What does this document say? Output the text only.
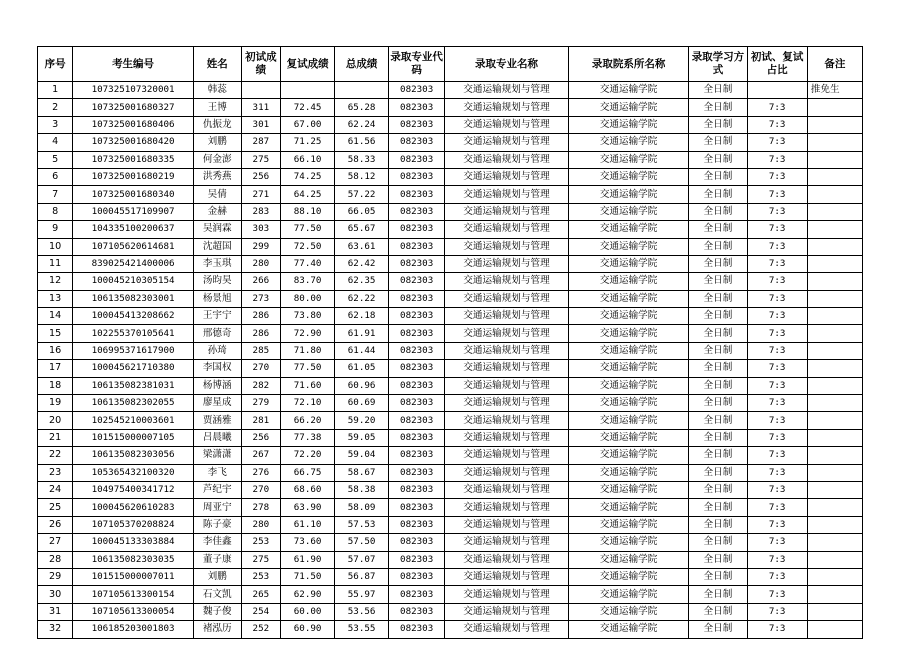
序号	考生编号	姓名	初试成绩	复试成绩	总成绩	录取专业代码	录取专业名称	录取院系所名称	录取学习方式	初试、复试占比	备注
1	107325107320001	韩蕊				082303	交通运输规划与管理	交通运输学院	全日制		推免生
2	107325001680327	王博	311	72.45	65.28	082303	交通运输规划与管理	交通运输学院	全日制	7:3	
3	107325001680406	仇振龙	301	67.00	62.24	082303	交通运输规划与管理	交通运输学院	全日制	7:3	
4	107325001680420	刘鹏	287	71.25	61.56	082303	交通运输规划与管理	交通运输学院	全日制	7:3	
5	107325001680335	何金澎	275	66.10	58.33	082303	交通运输规划与管理	交通运输学院	全日制	7:3	
6	107325001680219	洪秀燕	256	74.25	58.12	082303	交通运输规划与管理	交通运输学院	全日制	7:3	
7	107325001680340	吴倩	271	64.25	57.22	082303	交通运输规划与管理	交通运输学院	全日制	7:3	
8	100045517109907	金赫	283	88.10	66.05	082303	交通运输规划与管理	交通运输学院	全日制	7:3	
9	104335100200637	吴润霖	303	77.50	65.67	082303	交通运输规划与管理	交通运输学院	全日制	7:3	
10	107105620614681	沈超国	299	72.50	63.61	082303	交通运输规划与管理	交通运输学院	全日制	7:3	
11	839025421400006	李玉琪	280	77.40	62.42	082303	交通运输规划与管理	交通运输学院	全日制	7:3	
12	100045210305154	汤昀昊	266	83.70	62.35	082303	交通运输规划与管理	交通运输学院	全日制	7:3	
13	106135082303001	杨景旭	273	80.00	62.22	082303	交通运输规划与管理	交通运输学院	全日制	7:3	
14	100045413208662	王宇宁	286	73.80	62.18	082303	交通运输规划与管理	交通运输学院	全日制	7:3	
15	102255370105641	邢德奇	286	72.90	61.91	082303	交通运输规划与管理	交通运输学院	全日制	7:3	
16	106995371617900	孙琦	285	71.80	61.44	082303	交通运输规划与管理	交通运输学院	全日制	7:3	
17	100045621710380	李国权	270	77.50	61.05	082303	交通运输规划与管理	交通运输学院	全日制	7:3	
18	106135082381031	杨博涵	282	71.60	60.96	082303	交通运输规划与管理	交通运输学院	全日制	7:3	
19	106135082302055	廖星成	279	72.10	60.69	082303	交通运输规划与管理	交通运输学院	全日制	7:3	
20	102545210003601	贾涵雅	281	66.20	59.20	082303	交通运输规划与管理	交通运输学院	全日制	7:3	
21	101515000007105	吕晨曦	256	77.38	59.05	082303	交通运输规划与管理	交通运输学院	全日制	7:3	
22	106135082303056	梁潇潇	267	72.20	59.04	082303	交通运输规划与管理	交通运输学院	全日制	7:3	
23	105365432100320	李飞	276	66.75	58.67	082303	交通运输规划与管理	交通运输学院	全日制	7:3	
24	104975400341712	芦纪宇	270	68.60	58.38	082303	交通运输规划与管理	交通运输学院	全日制	7:3	
25	100045620610283	周亚宁	278	63.90	58.09	082303	交通运输规划与管理	交通运输学院	全日制	7:3	
26	107105370208824	陈子豪	280	61.10	57.53	082303	交通运输规划与管理	交通运输学院	全日制	7:3	
27	100045133303884	李佳鑫	253	73.60	57.50	082303	交通运输规划与管理	交通运输学院	全日制	7:3	
28	106135082303035	董子康	275	61.90	57.07	082303	交通运输规划与管理	交通运输学院	全日制	7:3	
29	101515000007011	刘鹏	253	71.50	56.87	082303	交通运输规划与管理	交通运输学院	全日制	7:3	
30	107105613300154	石文凯	265	62.90	55.97	082303	交通运输规划与管理	交通运输学院	全日制	7:3	
31	107105613300054	魏子俊	254	60.00	53.56	082303	交通运输规划与管理	交通运输学院	全日制	7:3	
32	106185203001803	褚泓历	252	60.90	53.55	082303	交通运输规划与管理	交通运输学院	全日制	7:3	
